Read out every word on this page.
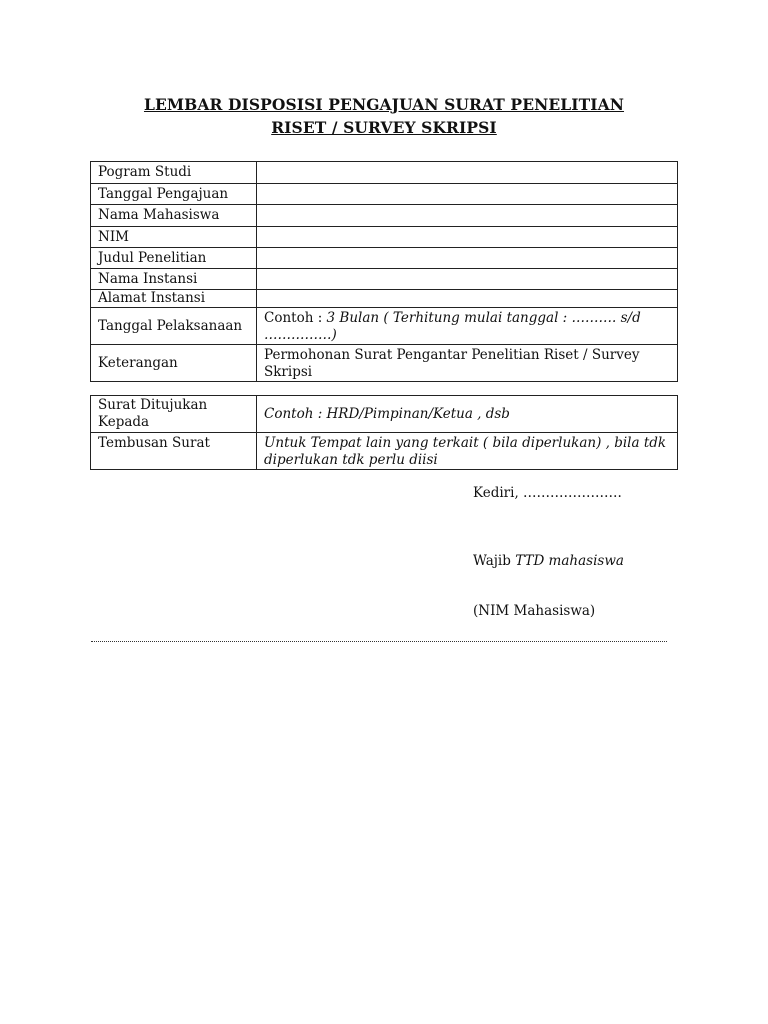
LEMBAR DISPOSISI PENGAJUAN SURAT PENELITIAN
RISET / SURVEY SKRIPSI
Pogram Studi	
Tanggal Pengajuan	
Nama Mahasiswa	
NIM	
Judul Penelitian	
Nama Instansi	
Alamat Instansi	
Tanggal Pelaksanaan	Contoh : 3 Bulan ( Terhitung mulai tanggal : ………. s/d ……………)
Keterangan	Permohonan Surat Pengantar Penelitian Riset / Survey Skripsi
Surat Ditujukan Kepada	Contoh : HRD/Pimpinan/Ketua , dsb
Tembusan Surat	Untuk Tempat lain yang terkait ( bila diperlukan) , bila tdk diperlukan tdk perlu diisi
Kediri, ………………….
Wajib TTD mahasiswa
(NIM Mahasiswa)
